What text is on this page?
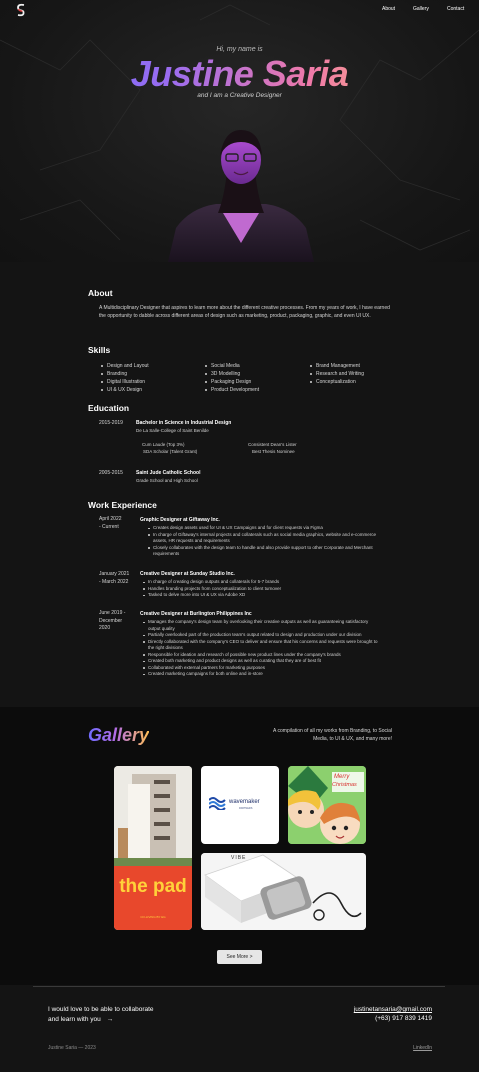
About	Gallery	Contact
Hi, my name is
Justine Saria
and I am a Creative Designer
About
A Multidisciplinary Designer that aspires to learn more about the different creative processes. From my years of work, I have earned the opportunity to dabble across different areas of design such as marketing, product, packaging, graphic, and even UI UX.
Skills
Design and Layout
Branding
Digital Illustration
UI & UX Design
Social Media
3D Modelling
Packaging Design
Product Development
Brand Management
Research and Writing
Conceptualization
Education
2015-2019	Bachelor in Science in Industrial Design
De La Salle-College of Saint Benilde
Cum Laude (Top 3%)
SDA Scholar (Talent Grant)
Consistent Dean's Lister
Best Thesis Nominee
2005-2015	Saint Jude Catholic School
Grade School and High School
Work Experience
April 2022
- Current
Graphic Designer at Giftaway Inc.
Creates design assets used for UI & UX Campaigns and for client requests via Figma
In charge of Giftaway's internal projects and collaterals such as social media graphics, website and e-commerce assets, HR requests and requirements
Closely collaborates with the design team to handle and also provide support to other Corporate and Merchant requirements
January 2021
- March 2022
Creative Designer at Sunday Studio Inc.
In charge of creating design outputs and collaterals for 5-7 brands
Handles branding projects from conceptualization to client turnover
Tasked to delve more into UI & UX via Adobe XD
June 2019 -
December
2020
Creative Designer at Burlington Philippines Inc
Manages the company's design team by overlooking their creative outputs as well as guaranteeing satisfactory output quality
Partially overlooked part of the production team's output related to design and production under our division
Directly collaborated with the company's CEO to deliver and ensure that his concerns and requests were brought to the right divisions
Responsible for ideation and research of possible new product lines under the company's brands
Created both marketing and product designs as well as curating that they are of best fit
Collaborated with external partners for marketing purposes
Created marketing campaigns for both online and in-store
Gallery	A compilation of all my works from Branding, to Social Media, to UI & UX, and many more!
the pad
CO-LIVING BY EG
wavemaker
PARTNERS
Merry
Christmas
VIBE
See More >
I would love to be able to collaborate
and learn with you →
justinetansaria@gmail.com
(+63) 917 839 1419
Justine Saria — 2023	LinkedIn
